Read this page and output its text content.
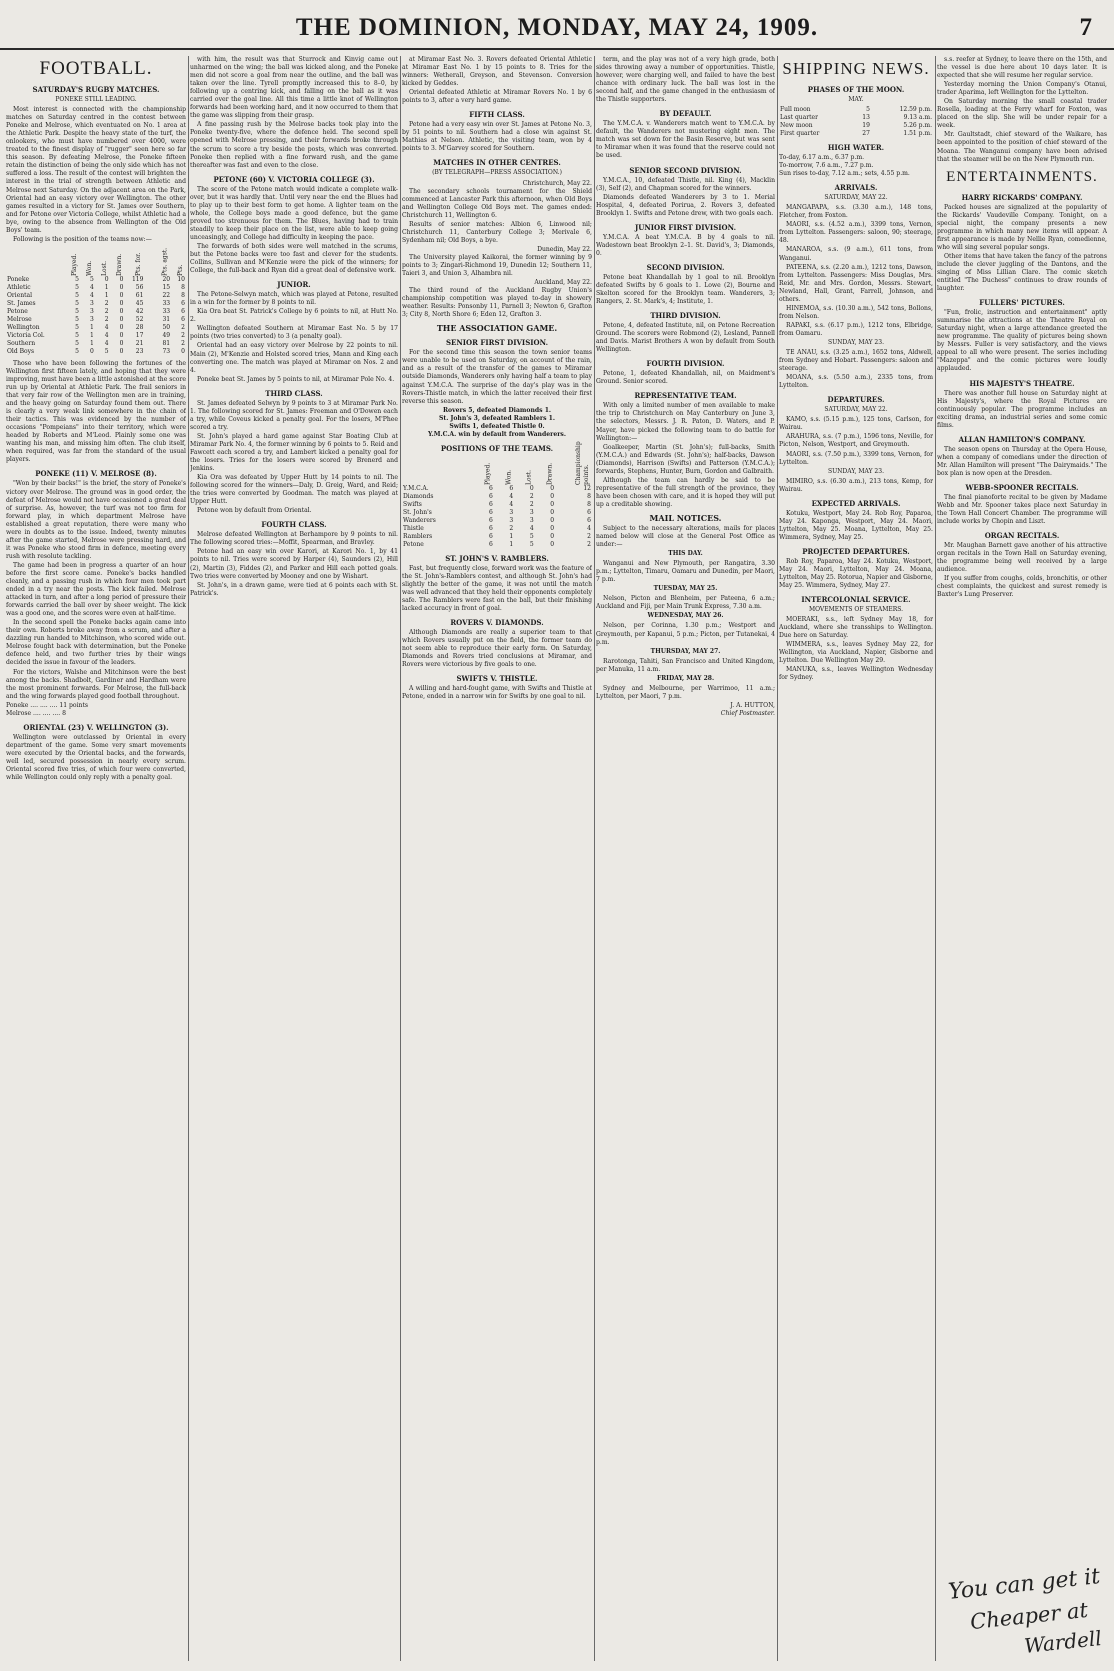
THE DOMINION, MONDAY, MAY 24, 1909.	7
FOOTBALL.
SATURDAY'S RUGBY MATCHES.
PONEKE STILL LEADING.

Most interest is connected with the championship matches on Saturday centred in the contest between Poneke and Melrose, which eventuated on No. 1 area at the Athletic Park. Despite the heavy state of the turf, the onlookers, who must have numbered over 4000, were treated to the finest display of "rugger" seen here so far this season. By defeating Melrose, the Poneke fifteen retain the distinction of being the only side which has not suffered a loss. The result of the contest will brighten the interest in the trial of strength between Athletic and Melrose next Saturday. On the adjacent area on the Park, Oriental had an easy victory over Wellington. The other games resulted in a victory for St. James over Southern, and for Petone over Victoria College, whilst Athletic had a bye, owing to the absence from Wellington of the Old Boys' team.

Following is the position of the teams now:—

	Played.	Won.	Lost.	Drawn.	Pts. for.	Pts. agst.	Pts.
Poneke	5	5	0	0	119	20	10
Athletic	5	4	1	0	56	15	8
Oriental	5	4	1	0	61	22	8
St. James	5	3	2	0	45	33	6
Petone	5	3	2	0	42	33	6
Melrose	5	3	2	0	52	31	6
Wellington	5	1	4	0	28	50	2
Victoria Col.	5	1	4	0	17	49	2
Southern	5	1	4	0	21	81	2
Old Boys	5	0	5	0	23	73	0

Those who have been following the fortunes of the Wellington first fifteen lately, and hoping that they were improving, must have been a little astonished at the score run up by Oriental at Athletic Park. The frail seniors in that very fair row of the Wellington men are in training, and the heavy going on Saturday found them out. There is clearly a very weak link somewhere in the chain of their tactics. This was evidenced by the number of occasions "Pompeians" into their territory, which were headed by Roberts and M'Leod. Plainly some one was wanting his man, and missing him often. The club itself, when required, was far from the standard of the usual players.

PONEKE (11) V. MELROSE (8).

"Won by their backs!" is the brief, the story of Poneke's victory over Melrose. The ground was in good order, the defeat of Melrose would not have occasioned a great deal of surprise. As, however, the turf was not too firm for forward play, in which department Melrose have established a great reputation, there were many who were in doubts as to the issue. Indeed, twenty minutes after the game started, Melrose were pressing hard, and it was Poneke who stood firm in defence, meeting every rush with resolute tackling.

The game had been in progress a quarter of an hour before the first score came. Poneke's backs handled cleanly, and a passing rush in which four men took part ended in a try near the posts. The kick failed. Melrose attacked in turn, and after a long period of pressure their forwards carried the ball over by sheer weight. The kick was a good one, and the scores were even at half-time.

In the second spell the Poneke backs again came into their own. Roberts broke away from a scrum, and after a dazzling run handed to Mitchinson, who scored wide out. Melrose fought back with determination, but the Poneke defence held, and two further tries by their wings decided the issue in favour of the leaders.

For the victors, Walshe and Mitchinson were the best among the backs. Shadbolt, Gardiner and Hardham were the most prominent forwards. For Melrose, the full-back and the wing forwards played good football throughout.

Poneke .... .... .... 11 points
Melrose .... .... .... 8
ORIENTAL (23) V. WELLINGTON (3).

Wellington were outclassed by Oriental in every department of the game. Some very smart movements were executed by the Oriental backs, and the forwards, well led, secured possession in nearly every scrum. Oriental scored five tries, of which four were converted, while Wellington could only reply with a penalty goal.

with him, the result was that Sturrock and Kinvig came out unharmed on the wing; the ball was kicked along, and the Poneke men did not score a goal from near the outline, and the ball was taken over the line. Tyrell promptly increased this to 8–0, by following up a centring kick, and falling on the ball as it was carried over the goal line. All this time a little knot of Wellington forwards had been working hard, and it now occurred to them that the game was slipping from their grasp.

A fine passing rush by the Melrose backs took play into the Poneke twenty-five, where the defence held. The second spell opened with Melrose pressing, and their forwards broke through the scrum to score a try beside the posts, which was converted. Poneke then replied with a fine forward rush, and the game thereafter was fast and even to the close.

PETONE (60) V. VICTORIA COLLEGE (3).

The score of the Petone match would indicate a complete walk-over, but it was hardly that. Until very near the end the Blues had to play up to their best form to get home. A lighter team on the whole, the College boys made a good defence, but the game proved too strenuous for them. The Blues, having had to train steadily to keep their place on the list, were able to keep going unceasingly, and College had difficulty in keeping the pace.

The forwards of both sides were well matched in the scrums, but the Petone backs were too fast and clever for the students. Collins, Sullivan and M'Kenzie were the pick of the winners; for College, the full-back and Ryan did a great deal of defensive work.

JUNIOR.

The Petone-Selwyn match, which was played at Petone, resulted in a win for the former by 8 points to nil.

Kia Ora beat St. Patrick's College by 6 points to nil, at Hutt No. 2.

Wellington defeated Southern at Miramar East No. 5 by 17 points (two tries converted) to 3 (a penalty goal).

Oriental had an easy victory over Melrose by 22 points to nil. Main (2), M'Kenzie and Holsted scored tries, Mann and King each converting one. The match was played at Miramar on Nos. 2 and 4.

Poneke beat St. James by 5 points to nil, at Miramar Pole No. 4.

THIRD CLASS.

St. James defeated Selwyn by 9 points to 3 at Miramar Park No. 1. The following scored for St. James: Freeman and O'Dowen each a try, while Coveus kicked a penalty goal. For the losers, M'Phee scored a try.

St. John's played a hard game against Star Boating Club at Miramar Park No. 4, the former winning by 6 points to 5. Reid and Fawcett each scored a try, and Lambert kicked a penalty goal for the losers. Tries for the losers were scored by Brenerd and Jenkins.

Kia Ora was defeated by Upper Hutt by 14 points to nil. The following scored for the winners—Daly, D. Greig, Ward, and Reid; the tries were converted by Goodman. The match was played at Upper Hutt.

Petone won by default from Oriental.

FOURTH CLASS.

Melrose defeated Wellington at Berhampore by 9 points to nil. The following scored tries:—Moffit, Spearman, and Bravley.

Petone had an easy win over Karori, at Karori No. 1, by 41 points to nil. Tries were scored by Harper (4), Saunders (2), Hill (2), Martin (3), Fiddes (2), and Parker and Hill each potted goals. Two tries were converted by Mooney and one by Wishart.

St. John's, in a drawn game, were tied at 6 points each with St. Patrick's.

at Miramar East No. 3. Rovers defeated Oriental Athletic at Miramar East No. 1 by 15 points to 8. Tries for the winners: Wetherall, Greyson, and Stevenson. Conversion kicked by Geddes.

Oriental defeated Athletic at Miramar Rovers No. 1 by 6 points to 3, after a very hard game.

FIFTH CLASS.

Petone had a very easy win over St. James at Petone No. 3, by 51 points to nil. Southern had a close win against St. Mathias at Nelson. Athletic, the visiting team, won by 4 points to 3. M'Garvey scored for Southern.

MATCHES IN OTHER CENTRES.
(BY TELEGRAPH—PRESS ASSOCIATION.)
Christchurch, May 22.

The secondary schools tournament for the Shield commenced at Lancaster Park this afternoon, when Old Boys and Wellington College Old Boys met. The games ended: Christchurch 11, Wellington 6.

Results of senior matches: Albion 6, Linwood nil; Christchurch 11, Canterbury College 3; Merivale 6, Sydenham nil; Old Boys, a bye.

Dunedin, May 22.

The University played Kaikorai, the former winning by 9 points to 3; Zingari-Richmond 19, Dunedin 12; Southern 11, Taieri 3, and Union 3, Alhambra nil.

Auckland, May 22.

The third round of the Auckland Rugby Union's championship competition was played to-day in showery weather. Results: Ponsonby 11, Parnell 3; Newton 6, Grafton 3; City 8, North Shore 6; Eden 12, Grafton 3.

THE ASSOCIATION GAME.
SENIOR FIRST DIVISION.

For the second time this season the town senior teams were unable to be used on Saturday, on account of the rain, and as a result of the transfer of the games to Miramar outside Diamonds, Wanderers only having half a team to play against Y.M.C.A. The surprise of the day's play was in the Rovers-Thistle match, in which the latter received their first reverse this season.

Rovers 5, defeated Diamonds 1.
St. John's 3, defeated Ramblers 1.
Swifts 1, defeated Thistle 0.
Y.M.C.A. win by default from Wanderers.
POSITIONS OF THE TEAMS.
	Played.	Won.	Lost.	Drawn.	Championship points.
Y.M.C.A.	6	6	0	0	12
Diamonds	6	4	2	0	8
Swifts	6	4	2	0	8
St. John's	6	3	3	0	6
Wanderers	6	3	3	0	6
Thistle	6	2	4	0	4
Ramblers	6	1	5	0	2
Petone	6	1	5	0	2
ST. JOHN'S V. RAMBLERS.

Fast, but frequently close, forward work was the feature of the St. John's-Ramblers contest, and although St. John's had slightly the better of the game, it was not until the match was well advanced that they held their opponents completely safe. The Ramblers were fast on the ball, but their finishing lacked accuracy in front of goal.

ROVERS V. DIAMONDS.

Although Diamonds are really a superior team to that which Rovers usually put on the field, the former team do not seem able to reproduce their early form. On Saturday, Diamonds and Rovers tried conclusions at Miramar, and Rovers were victorious by five goals to one.

SWIFTS V. THISTLE.

A willing and hard-fought game, with Swifts and Thistle at Petone, ended in a narrow win for Swifts by one goal to nil.

term, and the play was not of a very high grade, both sides throwing away a number of opportunities. Thistle, however, were charging well, and failed to have the best chance with ordinary luck. The ball was lost in the second half, and the game changed in the enthusiasm of the Thistle supporters.

BY DEFAULT.

The Y.M.C.A. v. Wanderers match went to Y.M.C.A. by default, the Wanderers not mustering eight men. The match was set down for the Basin Reserve, but was sent to Miramar when it was found that the reserve could not be used.

SENIOR SECOND DIVISION.

Y.M.C.A., 10, defeated Thistle, nil. King (4), Macklin (3), Self (2), and Chapman scored for the winners.

Diamonds defeated Wanderers by 3 to 1. Merial Hospital, 4, defeated Porirua, 2. Rovers 3, defeated Brooklyn 1. Swifts and Petone drew, with two goals each.

JUNIOR FIRST DIVISION.

Y.M.C.A. A beat Y.M.C.A. B by 4 goals to nil. Wadestown beat Brooklyn 2–1. St. David's, 3; Diamonds, 0.

SECOND DIVISION.

Petone beat Khandallah by 1 goal to nil. Brooklyn defeated Swifts by 6 goals to 1. Lowe (2), Bourne and Skelton scored for the Brooklyn team. Wanderers, 3; Rangers, 2. St. Mark's, 4; Institute, 1.

THIRD DIVISION.

Petone, 4, defeated Institute, nil, on Petone Recreation Ground. The scorers were Robmond (2), Lesland, Pannell and Davis. Marist Brothers A won by default from South Wellington.

FOURTH DIVISION.

Petone, 1, defeated Khandallah, nil, on Maidment's Ground. Senior scored.

REPRESENTATIVE TEAM.

With only a limited number of men available to make the trip to Christchurch on May Canterbury on June 3, the selectors, Messrs. J. R. Paton, D. Waters, and P. Mayer, have picked the following team to do battle for Wellington:—

Goalkeeper, Martin (St. John's); full-backs, Smith (Y.M.C.A.) and Edwards (St. John's); half-backs, Dawson (Diamonds), Harrison (Swifts) and Patterson (Y.M.C.A.); forwards, Stephens, Hunter, Burn, Gordon and Galbraith.

Although the team can hardly be said to be representative of the full strength of the province, they have been chosen with care, and it is hoped they will put up a creditable showing.

MAIL NOTICES.

Subject to the necessary alterations, mails for places named below will close at the General Post Office as under:—

THIS DAY.

Wanganui and New Plymouth, per Rangatira, 3.30 p.m.; Lyttelton, Timaru, Oamaru and Dunedin, per Maori, 7 p.m.

TUESDAY, MAY 25.

Nelson, Picton and Blenheim, per Pateena, 6 a.m.; Auckland and Fiji, per Main Trunk Express, 7.30 a.m.

WEDNESDAY, MAY 26.

Nelson, per Corinna, 1.30 p.m.; Westport and Greymouth, per Kapanui, 5 p.m.; Picton, per Tutanekai, 4 p.m.

THURSDAY, MAY 27.

Rarotonga, Tahiti, San Francisco and United Kingdom, per Manuka, 11 a.m.

FRIDAY, MAY 28.

Sydney and Melbourne, per Warrimoo, 11 a.m.; Lyttelton, per Maori, 7 p.m.

J. A. HUTTON,
Chief Postmaster.
SHIPPING NEWS.
PHASES OF THE MOON.
MAY.
Full moon	5	12.59 p.m.
Last quarter	13	9.13 a.m.
New moon	19	5.26 p.m.
First quarter	27	1.51 p.m.
HIGH WATER.
To-day, 6.17 a.m., 6.37 p.m.
To-morrow, 7.6 a.m., 7.27 p.m.
Sun rises to-day, 7.12 a.m.; sets, 4.55 p.m.
ARRIVALS.
SATURDAY, MAY 22.

MANGAPAPA, s.s. (3.30 a.m.), 148 tons, Fletcher, from Foxton.

MAORI, s.s. (4.52 a.m.), 3399 tons, Vernon, from Lyttelton. Passengers: saloon, 90; steerage, 48.

MANAROA, s.s. (9 a.m.), 611 tons, from Wanganui.

PATEENA, s.s. (2.20 a.m.), 1212 tons, Dawson, from Lyttelton. Passengers: Miss Douglas, Mrs. Reid, Mr. and Mrs. Gordon, Messrs. Stewart, Newland, Hall, Grant, Farrell, Johnson, and others.

HINEMOA, s.s. (10.30 a.m.), 542 tons, Bollons, from Nelson.

RAPAKI, s.s. (6.17 p.m.), 1212 tons, Elbridge, from Oamaru.

SUNDAY, MAY 23.

TE ANAU, s.s. (3.25 a.m.), 1652 tons, Aldwell, from Sydney and Hobart. Passengers: saloon and steerage.

MOANA, s.s. (5.50 a.m.), 2335 tons, from Lyttelton.

DEPARTURES.
SATURDAY, MAY 22.

KAMO, s.s. (5.15 p.m.), 125 tons, Carlson, for Wairau.

ARAHURA, s.s. (7 p.m.), 1596 tons, Neville, for Picton, Nelson, Westport, and Greymouth.

MAORI, s.s. (7.50 p.m.), 3399 tons, Vernon, for Lyttelton.

SUNDAY, MAY 23.

MIMIRO, s.s. (6.30 a.m.), 213 tons, Kemp, for Wairau.

EXPECTED ARRIVALS.

Kotuku, Westport, May 24. Rob Roy, Paparoa, May 24. Kaponga, Westport, May 24. Maori, Lyttelton, May 25. Moana, Lyttelton, May 25. Wimmera, Sydney, May 25.

PROJECTED DEPARTURES.

Rob Roy, Paparoa, May 24. Kotuku, Westport, May 24. Maori, Lyttelton, May 24. Moana, Lyttelton, May 25. Rotorua, Napier and Gisborne, May 25. Wimmera, Sydney, May 27.

INTERCOLONIAL SERVICE.
MOVEMENTS OF STEAMERS.

MOERAKI, s.s., left Sydney May 18, for Auckland, where she transships to Wellington. Due here on Saturday.

WIMMERA, s.s., leaves Sydney May 22, for Wellington, via Auckland, Napier, Gisborne and Lyttelton. Due Wellington May 29.

MANUKA, s.s., leaves Wellington Wednesday for Sydney.

s.s. reefer at Sydney, to leave there on the 15th, and the vessel is due here about 10 days later. It is expected that she will resume her regular service.

Yesterday morning the Union Company's Otanui, trader Aparima, left Wellington for the Lyttelton.

On Saturday morning the small coastal trader Rosella, loading at the Ferry wharf for Foxton, was placed on the slip. She will be under repair for a week.

Mr. Gaultstadt, chief steward of the Waikare, has been appointed to the position of chief steward of the Moana. The Wanganui company have been advised that the steamer will be on the New Plymouth run.

ENTERTAINMENTS.
HARRY RICKARDS' COMPANY.

Packed houses are signalized at the popularity of the Rickards' Vaudeville Company. Tonight, on a special night, the company presents a new programme in which many new items will appear. A first appearance is made by Nellie Ryan, comedienne, who will sing several popular songs.

Other items that have taken the fancy of the patrons include the clever juggling of the Dantons, and the singing of Miss Lillian Clare. The comic sketch entitled "The Duchess" continues to draw rounds of laughter.

FULLERS' PICTURES.

"Fun, frolic, instruction and entertainment" aptly summarise the attractions at the Theatre Royal on Saturday night, when a large attendance greeted the new programme. The quality of pictures being shown by Messrs. Fuller is very satisfactory, and the views appeal to all who were present. The series including "Mazeppa" and the comic pictures were loudly applauded.

HIS MAJESTY'S THEATRE.

There was another full house on Saturday night at His Majesty's, where the Royal Pictures are continuously popular. The programme includes an exciting drama, an industrial series and some comic films.

ALLAN HAMILTON'S COMPANY.

The season opens on Thursday at the Opera House, when a company of comedians under the direction of Mr. Allan Hamilton will present "The Dairymaids." The box plan is now open at the Dresden.

WEBB-SPOONER RECITALS.

The final pianoforte recital to be given by Madame Webb and Mr. Spooner takes place next Saturday in the Town Hall Concert Chamber. The programme will include works by Chopin and Liszt.

ORGAN RECITALS.

Mr. Maughan Barnett gave another of his attractive organ recitals in the Town Hall on Saturday evening, the programme being well received by a large audience.

If you suffer from coughs, colds, bronchitis, or other chest complaints, the quickest and surest remedy is Baxter's Lung Preserver.

You can get it
Cheaper at
Wardell
